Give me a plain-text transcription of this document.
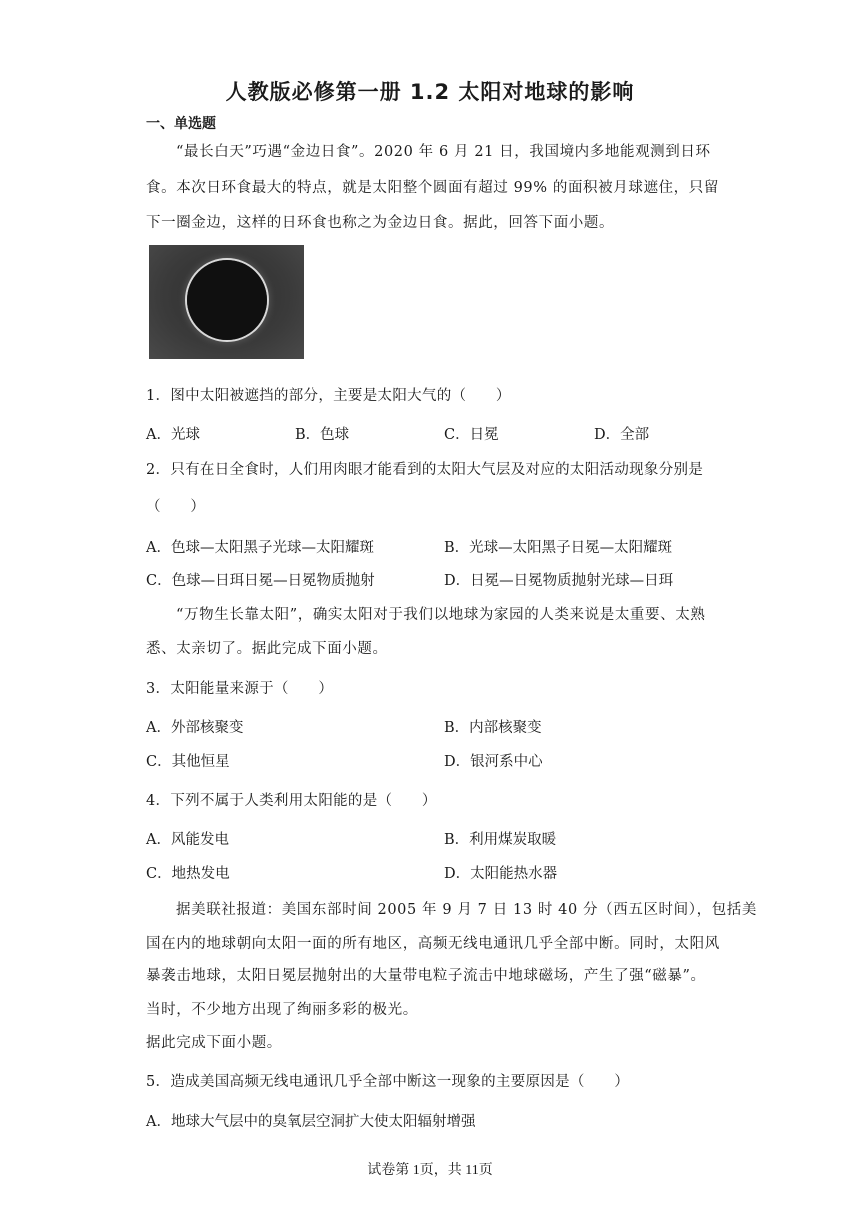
人教版必修第一册 1.2 太阳对地球的影响
一、单选题
“最长白天”巧遇“金边日食”。2020 年 6 月 21 日，我国境内多地能观测到日环
食。本次日环食最大的特点，就是太阳整个圆面有超过 99% 的面积被月球遮住，只留
下一圈金边，这样的日环食也称之为金边日食。据此，回答下面小题。
1．图中太阳被遮挡的部分，主要是太阳大气的（　　）
A．光球	B．色球	C．日冕	D．全部
2．只有在日全食时，人们用肉眼才能看到的太阳大气层及对应的太阳活动现象分别是
（　　）
A．色球—太阳黑子光球—太阳耀斑	B．光球—太阳黑子日冕—太阳耀斑
C．色球—日珥日冕—日冕物质抛射	D．日冕—日冕物质抛射光球—日珥
“万物生长靠太阳”，确实太阳对于我们以地球为家园的人类来说是太重要、太熟
悉、太亲切了。据此完成下面小题。
3．太阳能量来源于（　　）
A．外部核聚变	B．内部核聚变
C．其他恒星	D．银河系中心
4．下列不属于人类利用太阳能的是（　　）
A．风能发电	B．利用煤炭取暖
C．地热发电	D．太阳能热水器
据美联社报道：美国东部时间 2005 年 9 月 7 日 13 时 40 分（西五区时间），包括美
国在内的地球朝向太阳一面的所有地区，高频无线电通讯几乎全部中断。同时，太阳风
暴袭击地球，太阳日冕层抛射出的大量带电粒子流击中地球磁场，产生了强“磁暴”。
当时，不少地方出现了绚丽多彩的极光。
据此完成下面小题。
5．造成美国高频无线电通讯几乎全部中断这一现象的主要原因是（　　）
A．地球大气层中的臭氧层空洞扩大使太阳辐射增强
试卷第 1页，共 11页
